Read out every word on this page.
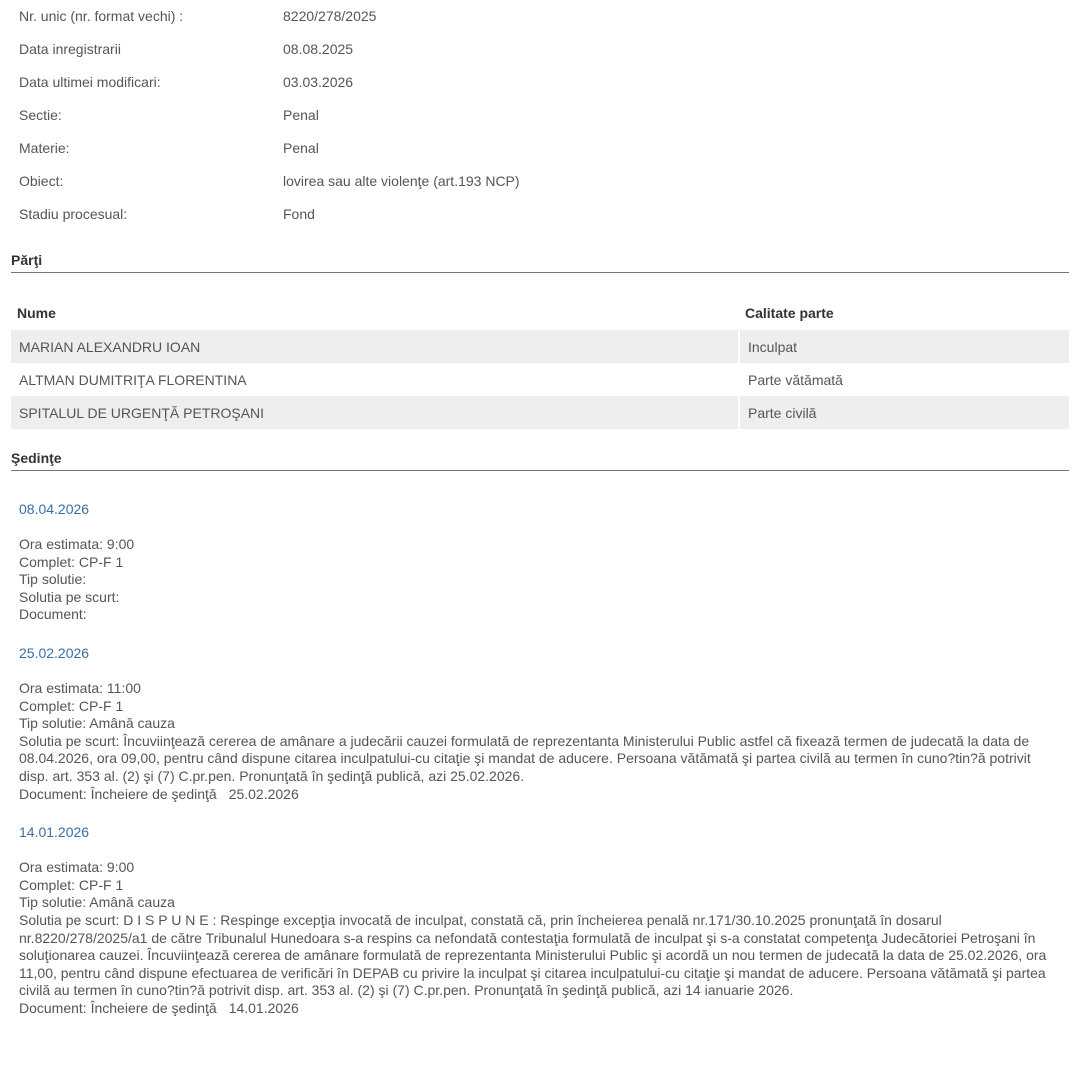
Nr. unic (nr. format vechi) :	8220/278/2025
Data inregistrarii	08.08.2025
Data ultimei modificari:	03.03.2026
Sectie:	Penal
Materie:	Penal
Obiect:	lovirea sau alte violenţe (art.193 NCP)
Stadiu procesual:	Fond
Părţi
Nume	Calitate parte
MARIAN ALEXANDRU IOAN	Inculpat
ALTMAN DUMITRIŢA FLORENTINA	Parte vătămată
SPITALUL DE URGENŢĂ PETROŞANI	Parte civilă
Şedinţe
08.04.2026
Ora estimata: 9:00
Complet: CP-F 1
Tip solutie:
Solutia pe scurt:
Document:
25.02.2026
Ora estimata: 11:00
Complet: CP-F 1
Tip solutie: Amână cauza
Solutia pe scurt: Încuviinţează cererea de amânare a judecării cauzei formulată de reprezentanta Ministerului Public astfel că fixează termen de judecată la data de 08.04.2026, ora 09,00, pentru când dispune citarea inculpatului-cu citaţie şi mandat de aducere. Persoana vătămată şi partea civilă au termen în cuno?tin?ă potrivit disp. art. 353 al. (2) şi (7) C.pr.pen. Pronunţată în şedinţă publică, azi 25.02.2026.
Document: Încheiere de şedinţă 25.02.2026
14.01.2026
Ora estimata: 9:00
Complet: CP-F 1
Tip solutie: Amână cauza
Solutia pe scurt: D I S P U N E : Respinge excepţia invocată de inculpat, constată că, prin încheierea penală nr.171/30.10.2025 pronunţată în dosarul nr.8220/278/2025/a1 de către Tribunalul Hunedoara s-a respins ca nefondată contestaţia formulată de inculpat şi s-a constatat competenţa Judecătoriei Petroşani în soluţionarea cauzei. Încuviinţează cererea de amânare formulată de reprezentanta Ministerului Public şi acordă un nou termen de judecată la data de 25.02.2026, ora 11,00, pentru când dispune efectuarea de verificări în DEPAB cu privire la inculpat şi citarea inculpatului-cu citaţie şi mandat de aducere. Persoana vătămată şi partea civilă au termen în cuno?tin?ă potrivit disp. art. 353 al. (2) şi (7) C.pr.pen. Pronunţată în şedinţă publică, azi 14 ianuarie 2026.
Document: Încheiere de şedinţă 14.01.2026
